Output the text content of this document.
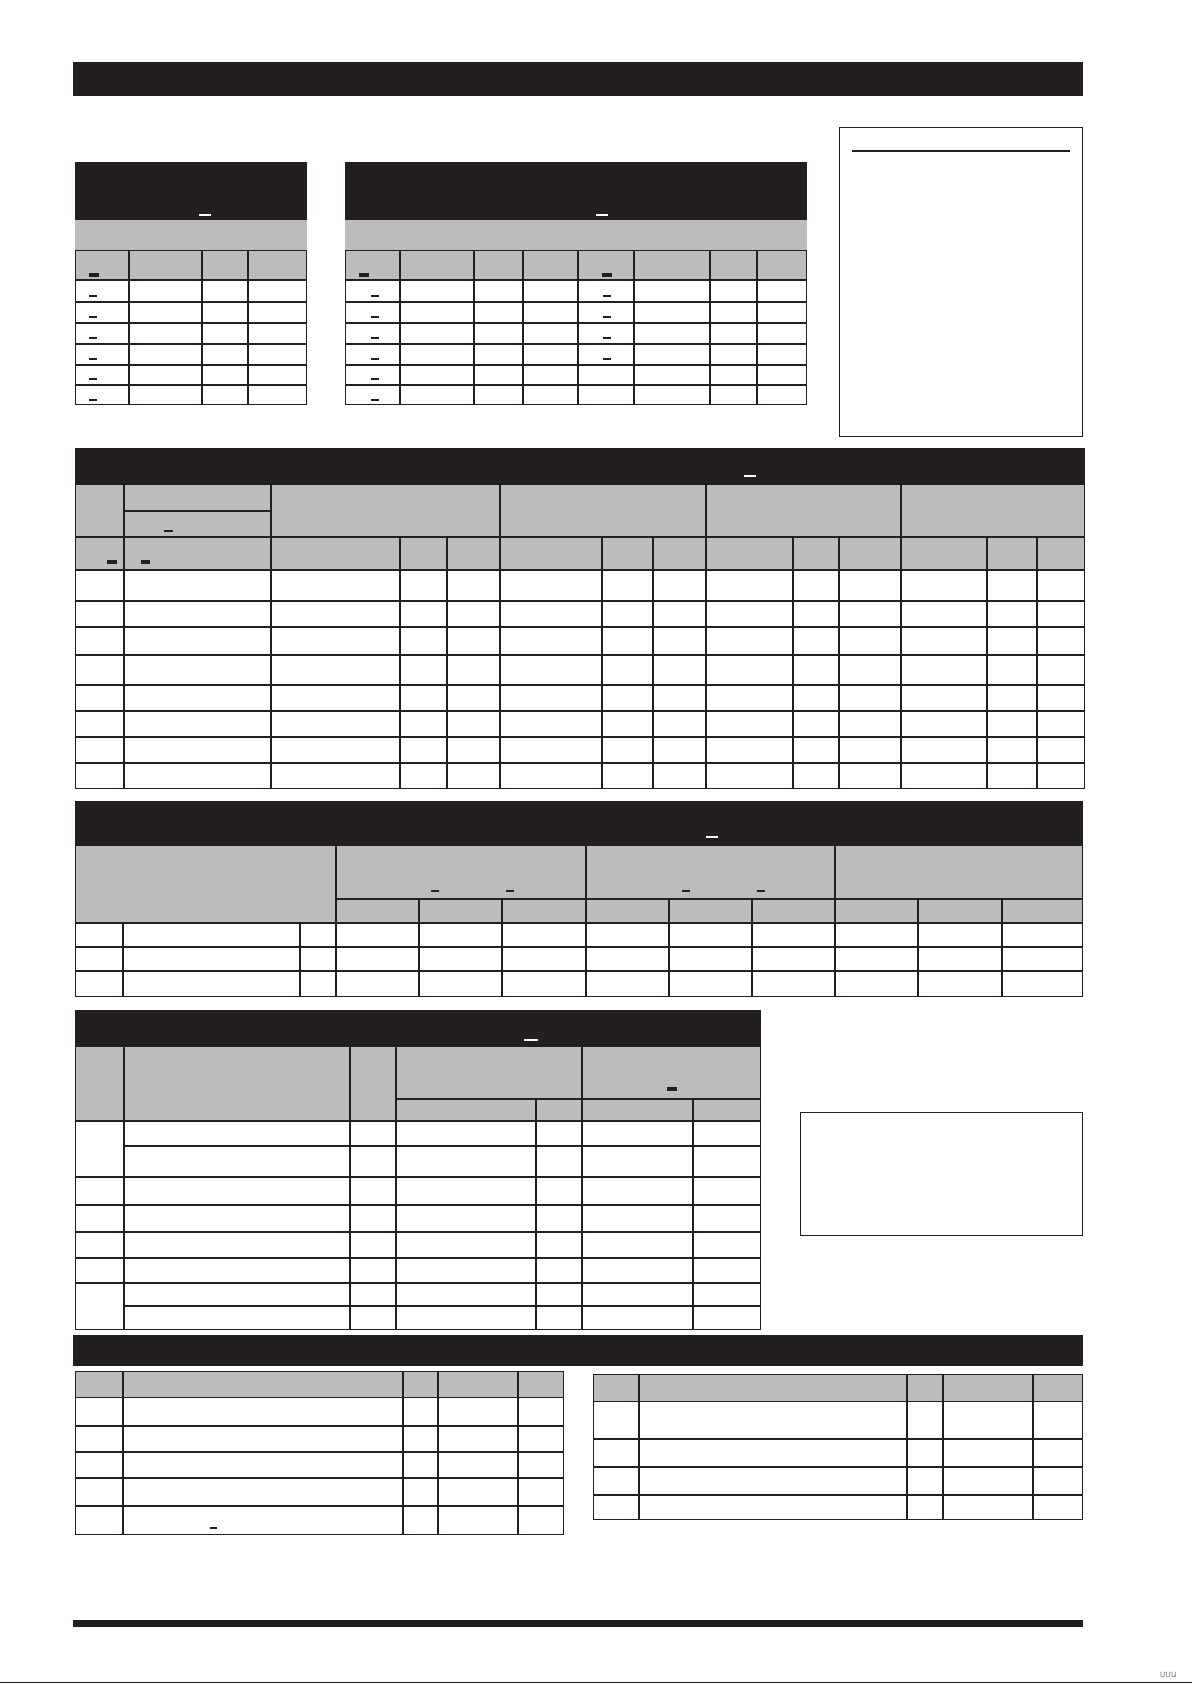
ՄՄԱ
